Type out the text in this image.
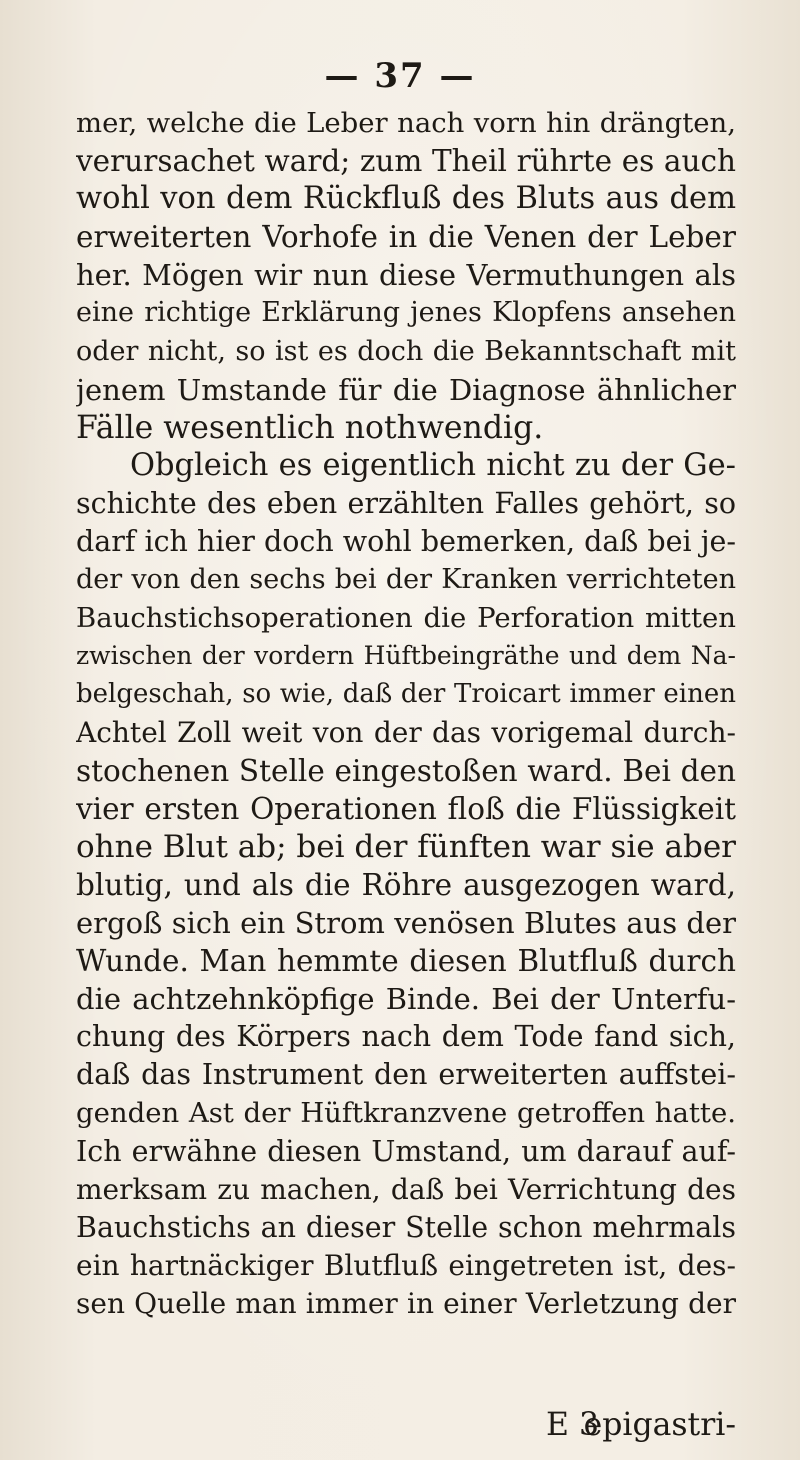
— 37 —
mer, welche die Leber nach vorn hin drängten,
verursachet ward; zum Theil rührte es auch
wohl von dem Rückfluß des Bluts aus dem
erweiterten Vorhofe in die Venen der Leber
her. Mögen wir nun diese Vermuthungen als
eine richtige Erklärung jenes Klopfens ansehen
oder nicht, so ist es doch die Bekanntschaft mit
jenem Umstande für die Diagnose ähnlicher
Fälle wesentlich nothwendig.
Obgleich es eigentlich nicht zu der Ge-
schichte des eben erzählten Falles gehört, so
darf ich hier doch wohl bemerken, daß bei je-
der von den sechs bei der Kranken verrichteten
Bauchstichsoperationen die Perforation mitten
zwischen der vordern Hüftbeingräthe und dem Na-
belgeschah, so wie, daß der Troicart immer einen
Achtel Zoll weit von der das vorigemal durch-
stochenen Stelle eingestoßen ward. Bei den
vier ersten Operationen floß die Flüssigkeit
ohne Blut ab; bei der fünften war sie aber
blutig, und als die Röhre ausgezogen ward,
ergoß sich ein Strom venösen Blutes aus der
Wunde. Man hemmte diesen Blutfluß durch
die achtzehnköpfige Binde. Bei der Unterfu-
chung des Körpers nach dem Tode fand sich,
daß das Instrument den erweiterten auffstei-
genden Ast der Hüftkranzvene getroffen hatte.
Ich erwähne diesen Umstand, um darauf auf-
merksam zu machen, daß bei Verrichtung des
Bauchstichs an dieser Stelle schon mehrmals
ein hartnäckiger Blutfluß eingetreten ist, des-
sen Quelle man immer in einer Verletzung der
E 3
epigastri-
